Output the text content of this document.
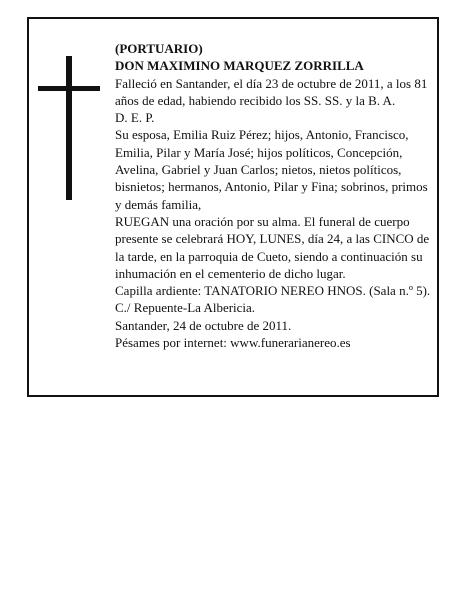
(PORTUARIO)

DON MAXIMINO MARQUEZ ZORRILLA

Falleció en Santander, el día 23 de octubre de 2011, a los 81 años de edad, habiendo recibido los SS. SS. y la B. A.

D. E. P.

Su esposa, Emilia Ruiz Pérez; hijos, Antonio, Francisco, Emilia, Pilar y María José; hijos políticos, Concepción, Avelina, Gabriel y Juan Carlos; nietos, nietos políticos, bisnietos; hermanos, Antonio, Pilar y Fina; sobrinos, primos y demás familia,

RUEGAN una oración por su alma. El funeral de cuerpo presente se celebrará HOY, LUNES, día 24, a las CINCO de la tarde, en la parroquia de Cueto, siendo a continuación su inhumación en el cementerio de dicho lugar.

Capilla ardiente: TANATORIO NEREO HNOS. (Sala n.º 5). C./ Repuente-La Albericia.

Santander, 24 de octubre de 2011.

Pésames por internet: www.funerarianereo.es
